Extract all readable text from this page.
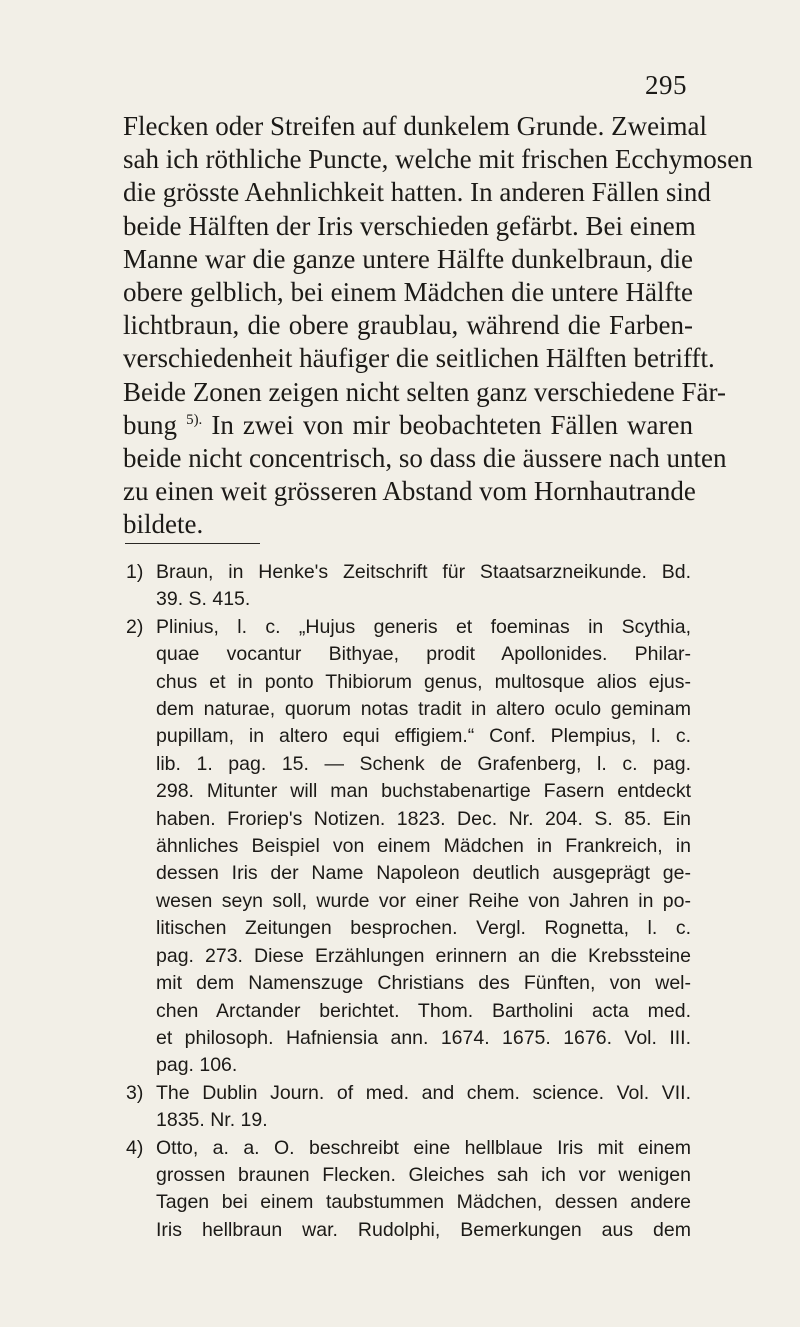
295
Flecken oder Streifen auf dunkelem Grunde. Zweimal
sah ich röthliche Puncte, welche mit frischen Ecchymosen
die grösste Aehnlichkeit hatten. In anderen Fällen sind
beide Hälften der Iris verschieden gefärbt. Bei einem
Manne war die ganze untere Hälfte dunkelbraun, die
obere gelblich, bei einem Mädchen die untere Hälfte
lichtbraun, die obere graublau, während die Farben-
verschiedenheit häufiger die seitlichen Hälften betrifft.
Beide Zonen zeigen nicht selten ganz verschiedene Fär-
bung $^{5).}$ In zwei von mir beobachteten Fällen waren
beide nicht concentrisch, so dass die äussere nach unten
zu einen weit grösseren Abstand vom Hornhautrande
bildete.
1) Braun, in Henke's Zeitschrift für Staatsarzneikunde. Bd.
39. S. 415.
2) Plinius, l. c. „Hujus generis et foeminas in Scythia,
quae vocantur Bithyae, prodit Apollonides. Philar-
chus et in ponto Thibiorum genus, multosque alios ejus-
dem naturae, quorum notas tradit in altero oculo geminam
pupillam, in altero equi effigiem.“ Conf. Plempius, l. c.
lib. 1. pag. 15. — Schenk de Grafenberg, l. c. pag.
298. Mitunter will man buchstabenartige Fasern entdeckt
haben. Froriep's Notizen. 1823. Dec. Nr. 204. S. 85. Ein
ähnliches Beispiel von einem Mädchen in Frankreich, in
dessen Iris der Name Napoleon deutlich ausgeprägt ge-
wesen seyn soll, wurde vor einer Reihe von Jahren in po-
litischen Zeitungen besprochen. Vergl. Rognetta, l. c.
pag. 273. Diese Erzählungen erinnern an die Krebssteine
mit dem Namenszuge Christians des Fünften, von wel-
chen Arctander berichtet. Thom. Bartholini acta med.
et philosoph. Hafniensia ann. 1674. 1675. 1676. Vol. III.
pag. 106.
3) The Dublin Journ. of med. and chem. science. Vol. VII.
1835. Nr. 19.
4) Otto, a. a. O. beschreibt eine hellblaue Iris mit einem
grossen braunen Flecken. Gleiches sah ich vor wenigen
Tagen bei einem taubstummen Mädchen, dessen andere
Iris hellbraun war. Rudolphi, Bemerkungen aus dem
